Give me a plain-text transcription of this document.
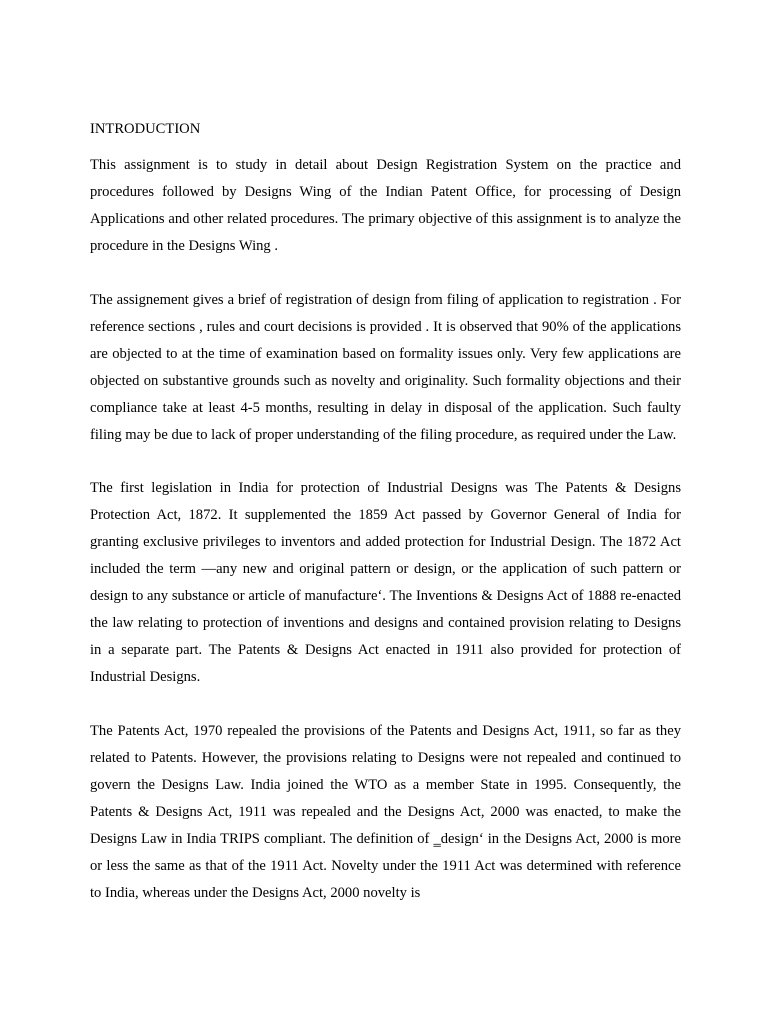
INTRODUCTION

This assignment is to study in detail about Design Registration System on the practice and procedures followed by Designs Wing of the Indian Patent Office, for processing of Design Applications and other related procedures. The primary objective of this assignment is to analyze the procedure in the Designs Wing .

The assignement gives a brief of registration of design from filing of application to registration . For reference sections , rules and court decisions is provided . It is observed that 90% of the applications are objected to at the time of examination based on formality issues only. Very few applications are objected on substantive grounds such as novelty and originality. Such formality objections and their compliance take at least 4-5 months, resulting in delay in disposal of the application. Such faulty filing may be due to lack of proper understanding of the filing procedure, as required under the Law.

The first legislation in India for protection of Industrial Designs was The Patents & Designs Protection Act, 1872. It supplemented the 1859 Act passed by Governor General of India for granting exclusive privileges to inventors and added protection for Industrial Design. The 1872 Act included the term —any new and original pattern or design, or the application of such pattern or design to any substance or article of manufacture‘. The Inventions & Designs Act of 1888 re-enacted the law relating to protection of inventions and designs and contained provision relating to Designs in a separate part. The Patents & Designs Act enacted in 1911 also provided for protection of Industrial Designs.

The Patents Act, 1970 repealed the provisions of the Patents and Designs Act, 1911, so far as they related to Patents. However, the provisions relating to Designs were not repealed and continued to govern the Designs Law. India joined the WTO as a member State in 1995. Consequently, the Patents & Designs Act, 1911 was repealed and the Designs Act, 2000 was enacted, to make the Designs Law in India TRIPS compliant. The definition of ‗design‘ in the Designs Act, 2000 is more or less the same as that of the 1911 Act. Novelty under the 1911 Act was determined with reference to India, whereas under the Designs Act, 2000 novelty is
